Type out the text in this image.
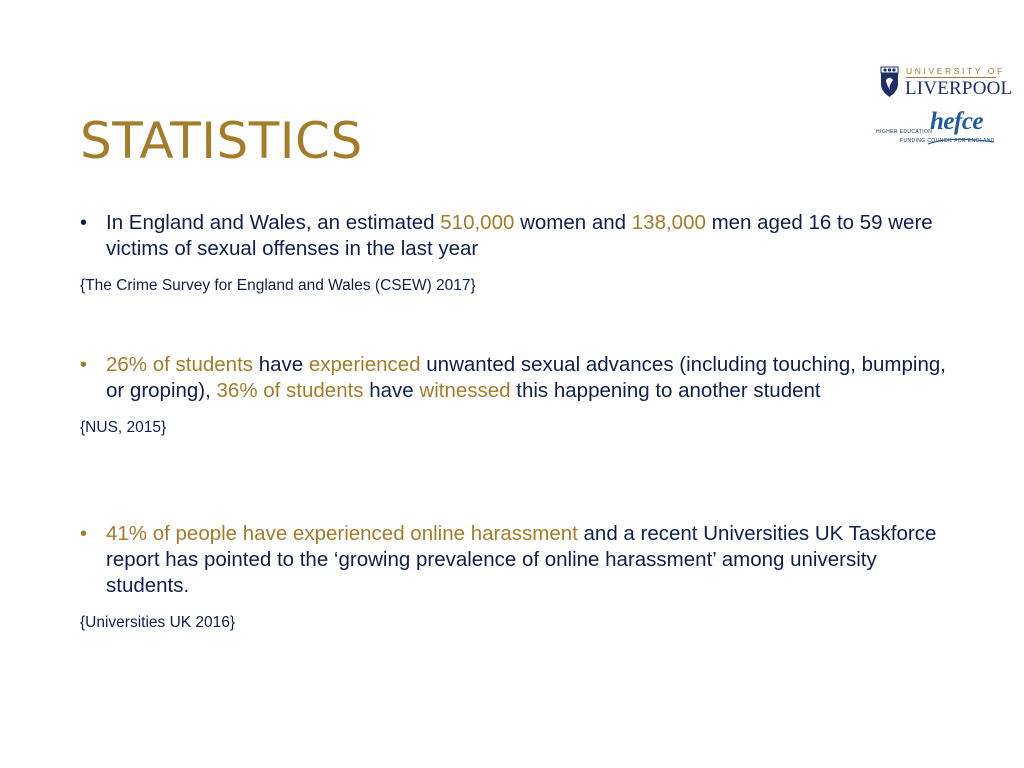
STATISTICS
UNIVERSITY OF
LIVERPOOL
hefce
HIGHER EDUCATION
FUNDING COUNCIL FOR ENGLAND
• In England and Wales, an estimated 510,000 women and 138,000 men aged 16 to 59 were victims of sexual offenses in the last year
{The Crime Survey for England and Wales (CSEW) 2017}
• 26% of students have experienced unwanted sexual advances (including touching, bumping, or groping), 36% of students have witnessed this happening to another student
{NUS, 2015}
• 41% of people have experienced online harassment and a recent Universities UK Taskforce report has pointed to the ‘growing prevalence of online harassment’ among university students.
{Universities UK 2016}
